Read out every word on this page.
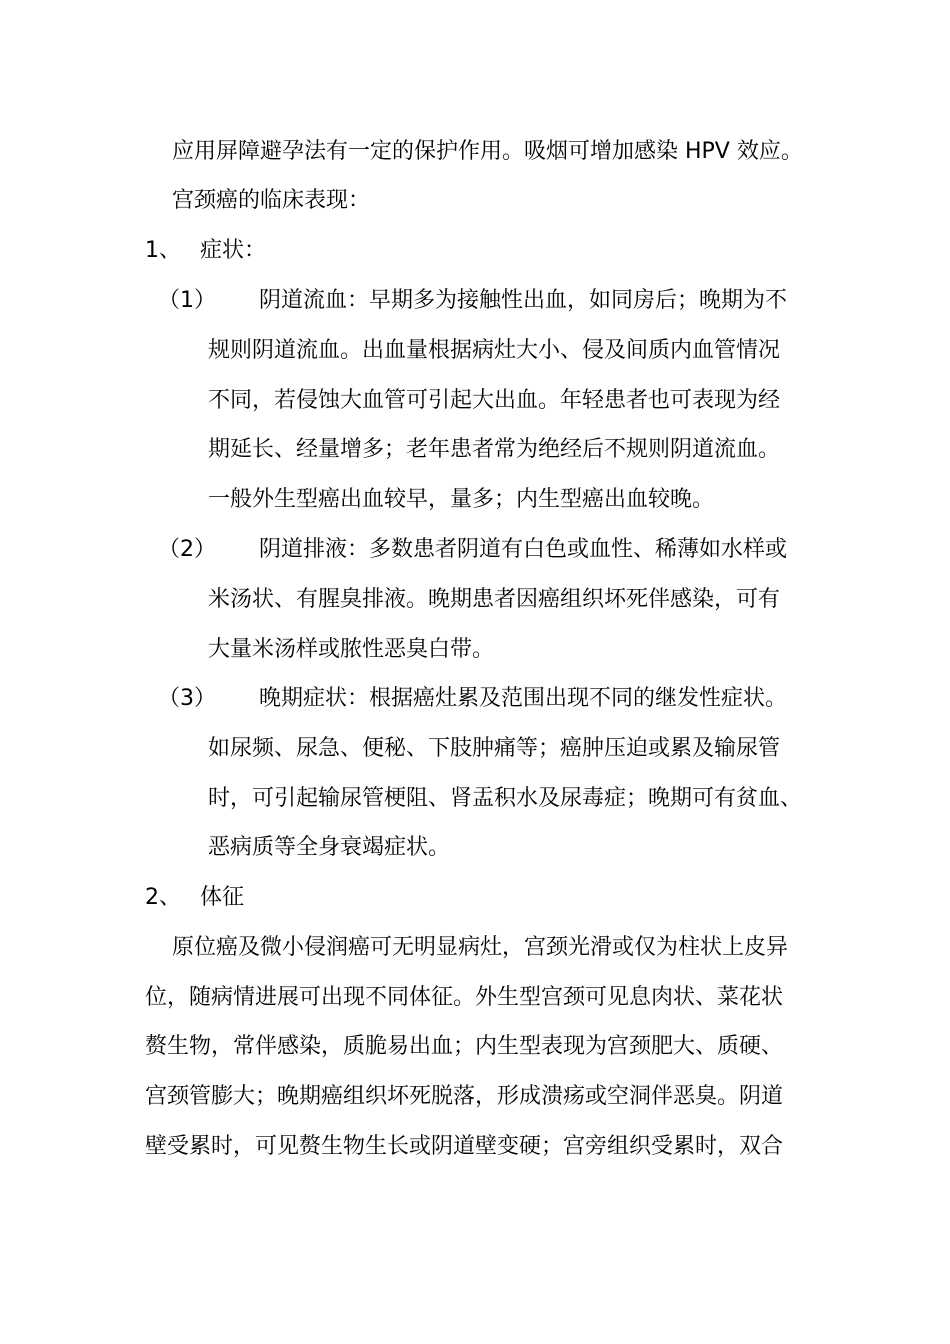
应用屏障避孕法有一定的保护作用。吸烟可增加感染 HPV 效应。
宫颈癌的临床表现：
1、 症状：
（1） 阴道流血：早期多为接触性出血，如同房后；晚期为不
规则阴道流血。出血量根据病灶大小、侵及间质内血管情况
不同，若侵蚀大血管可引起大出血。年轻患者也可表现为经
期延长、经量增多；老年患者常为绝经后不规则阴道流血。
一般外生型癌出血较早，量多；内生型癌出血较晚。
（2） 阴道排液：多数患者阴道有白色或血性、稀薄如水样或
米汤状、有腥臭排液。晚期患者因癌组织坏死伴感染，可有
大量米汤样或脓性恶臭白带。
（3） 晚期症状：根据癌灶累及范围出现不同的继发性症状。
如尿频、尿急、便秘、下肢肿痛等；癌肿压迫或累及输尿管
时，可引起输尿管梗阻、肾盂积水及尿毒症；晚期可有贫血、
恶病质等全身衰竭症状。
2、 体征
原位癌及微小侵润癌可无明显病灶，宫颈光滑或仅为柱状上皮异
位，随病情进展可出现不同体征。外生型宫颈可见息肉状、菜花状
赘生物，常伴感染，质脆易出血；内生型表现为宫颈肥大、质硬、
宫颈管膨大；晚期癌组织坏死脱落，形成溃疡或空洞伴恶臭。阴道
壁受累时，可见赘生物生长或阴道壁变硬；宫旁组织受累时，双合
